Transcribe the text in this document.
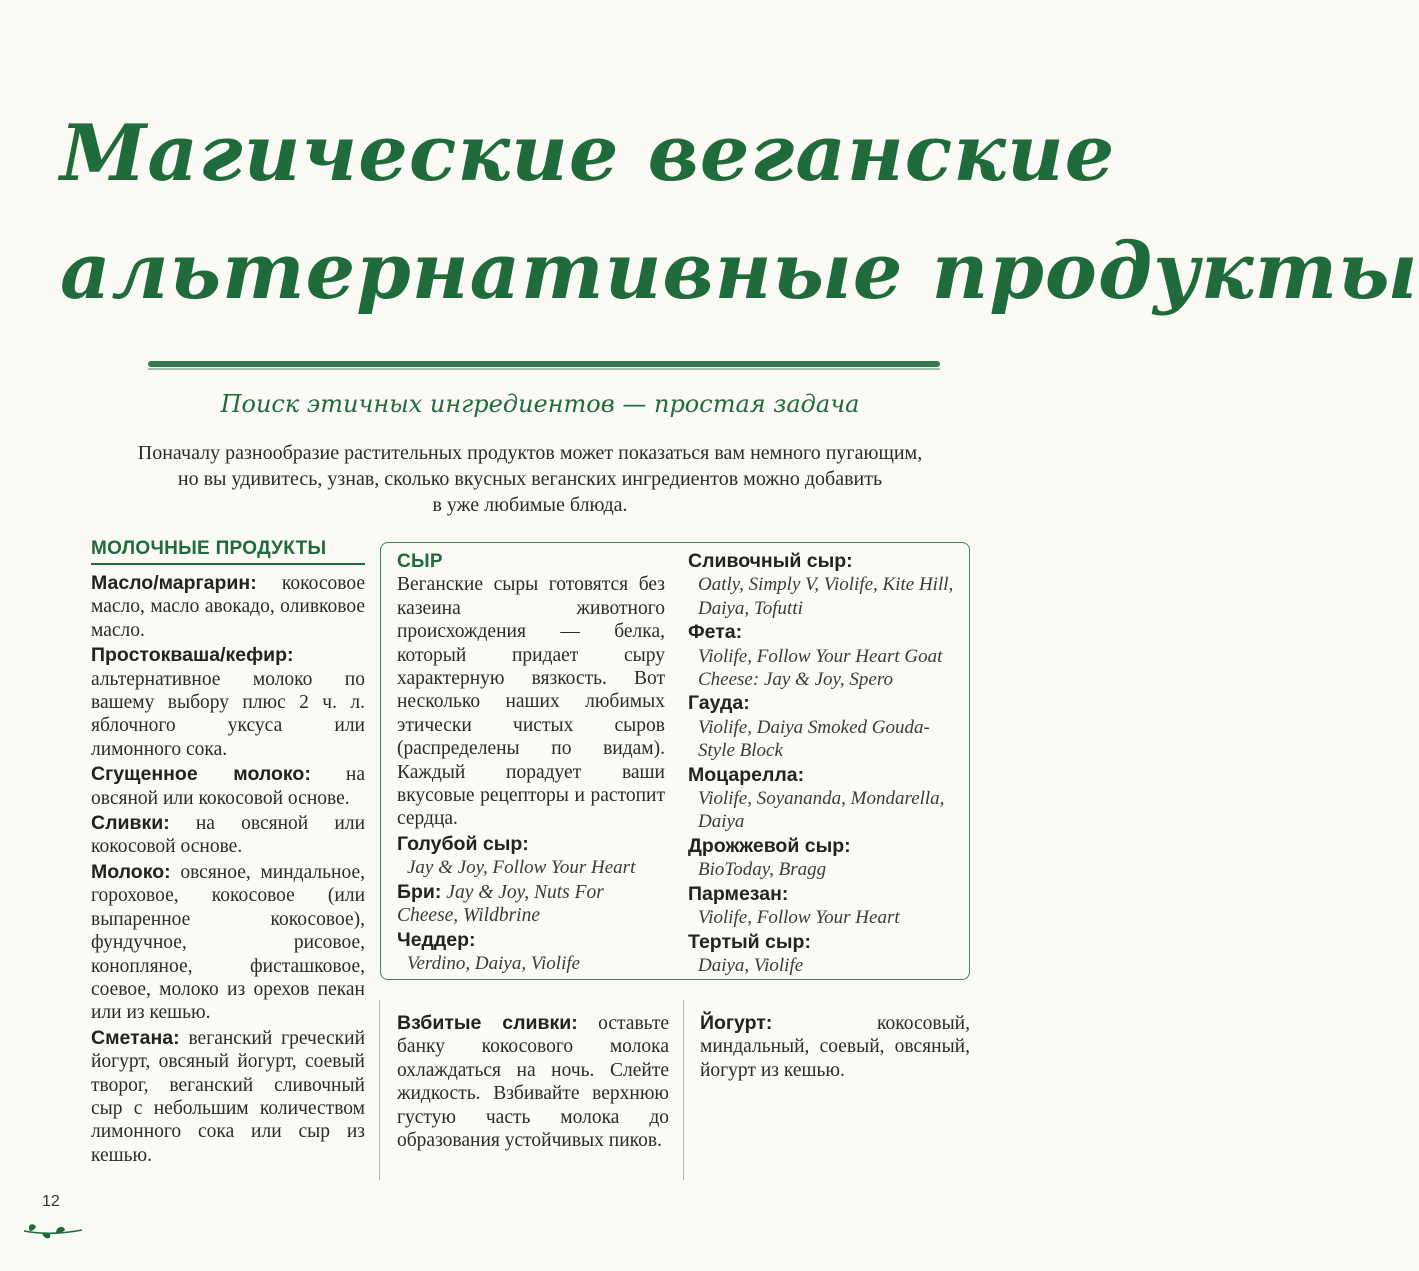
Магические веганские
альтернативные продукты
Поиск этичных ингредиентов — простая задача
Поначалу разнообразие растительных продуктов может показаться вам немного пугающим,
но вы удивитесь, узнав, сколько вкусных веганских ингредиентов можно добавить
в уже любимые блюда.
МОЛОЧНЫЕ ПРОДУКТЫ

Масло/маргарин: кокосовое масло, масло авокадо, оливковое масло.

Простокваша/кефир: альтернативное молоко по вашему выбору плюс 2 ч. л. яблочного уксуса или лимонного сока.

Сгущенное молоко: на овсяной или кокосовой основе.

Сливки: на овсяной или кокосовой основе.

Молоко: овсяное, миндальное, гороховое, кокосовое (или выпаренное кокосовое), фундучное, рисовое, конопляное, фисташковое, соевое, молоко из орехов пекан или из кешью.

Сметана: веганский греческий йогурт, овсяный йогурт, соевый творог, веганский сливочный сыр с небольшим количеством лимонного сока или сыр из кешью.

СЫР

Веганские сыры готовятся без казеина животного происхождения — белка, который придает сыру характерную вязкость. Вот несколько наших любимых этически чистых сыров (распределены по видам). Каждый порадует ваши вкусовые рецепторы и растопит сердца.

Голубой сыр:
Jay & Joy, Follow Your Heart
Бри: Jay & Joy, Nuts For Cheese, Wildbrine
Чеддер:
Verdino, Daiya, Violife
Сливочный сыр:
Oatly, Simply V, Violife, Kite Hill, Daiya, Tofutti
Фета:
Violife, Follow Your Heart Goat Cheese: Jay & Joy, Spero
Гауда:
Violife, Daiya Smoked Gouda-Style Block
Моцарелла:
Violife, Soyananda, Mondarella, Daiya
Дрожжевой сыр:
BioToday, Bragg
Пармезан:
Violife, Follow Your Heart
Тертый сыр:
Daiya, Violife
Взбитые сливки: оставьте банку кокосового молока охлаждаться на ночь. Слейте жидкость. Взбивайте верхнюю густую часть молока до образования устойчивых пиков.
Йогурт:	кокосовый, миндальный, соевый, овсяный, йогурт из кешью.
12
